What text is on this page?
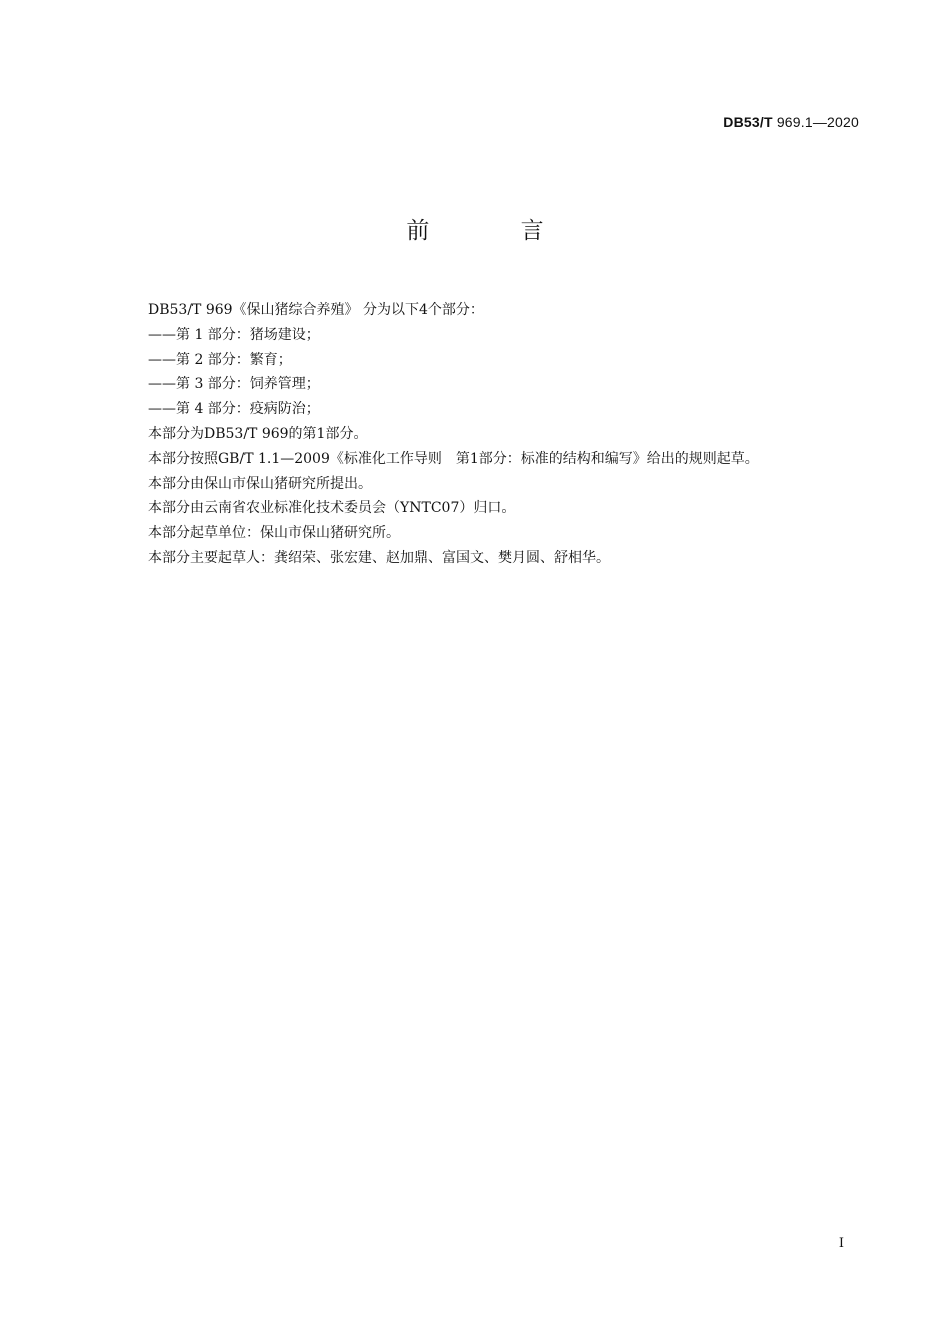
DB53/T 969.1—2020
前 言
DB53/T 969《保山猪综合养殖》 分为以下4个部分：
——第 1 部分：猪场建设；
——第 2 部分：繁育；
——第 3 部分：饲养管理；
——第 4 部分：疫病防治；
本部分为DB53/T 969的第1部分。
本部分按照GB/T 1.1—2009《标准化工作导则　第1部分：标准的结构和编写》给出的规则起草。
本部分由保山市保山猪研究所提出。
本部分由云南省农业标准化技术委员会（YNTC07）归口。
本部分起草单位：保山市保山猪研究所。
本部分主要起草人：龚绍荣、张宏建、赵加鼎、富国文、樊月圆、舒相华。
I
